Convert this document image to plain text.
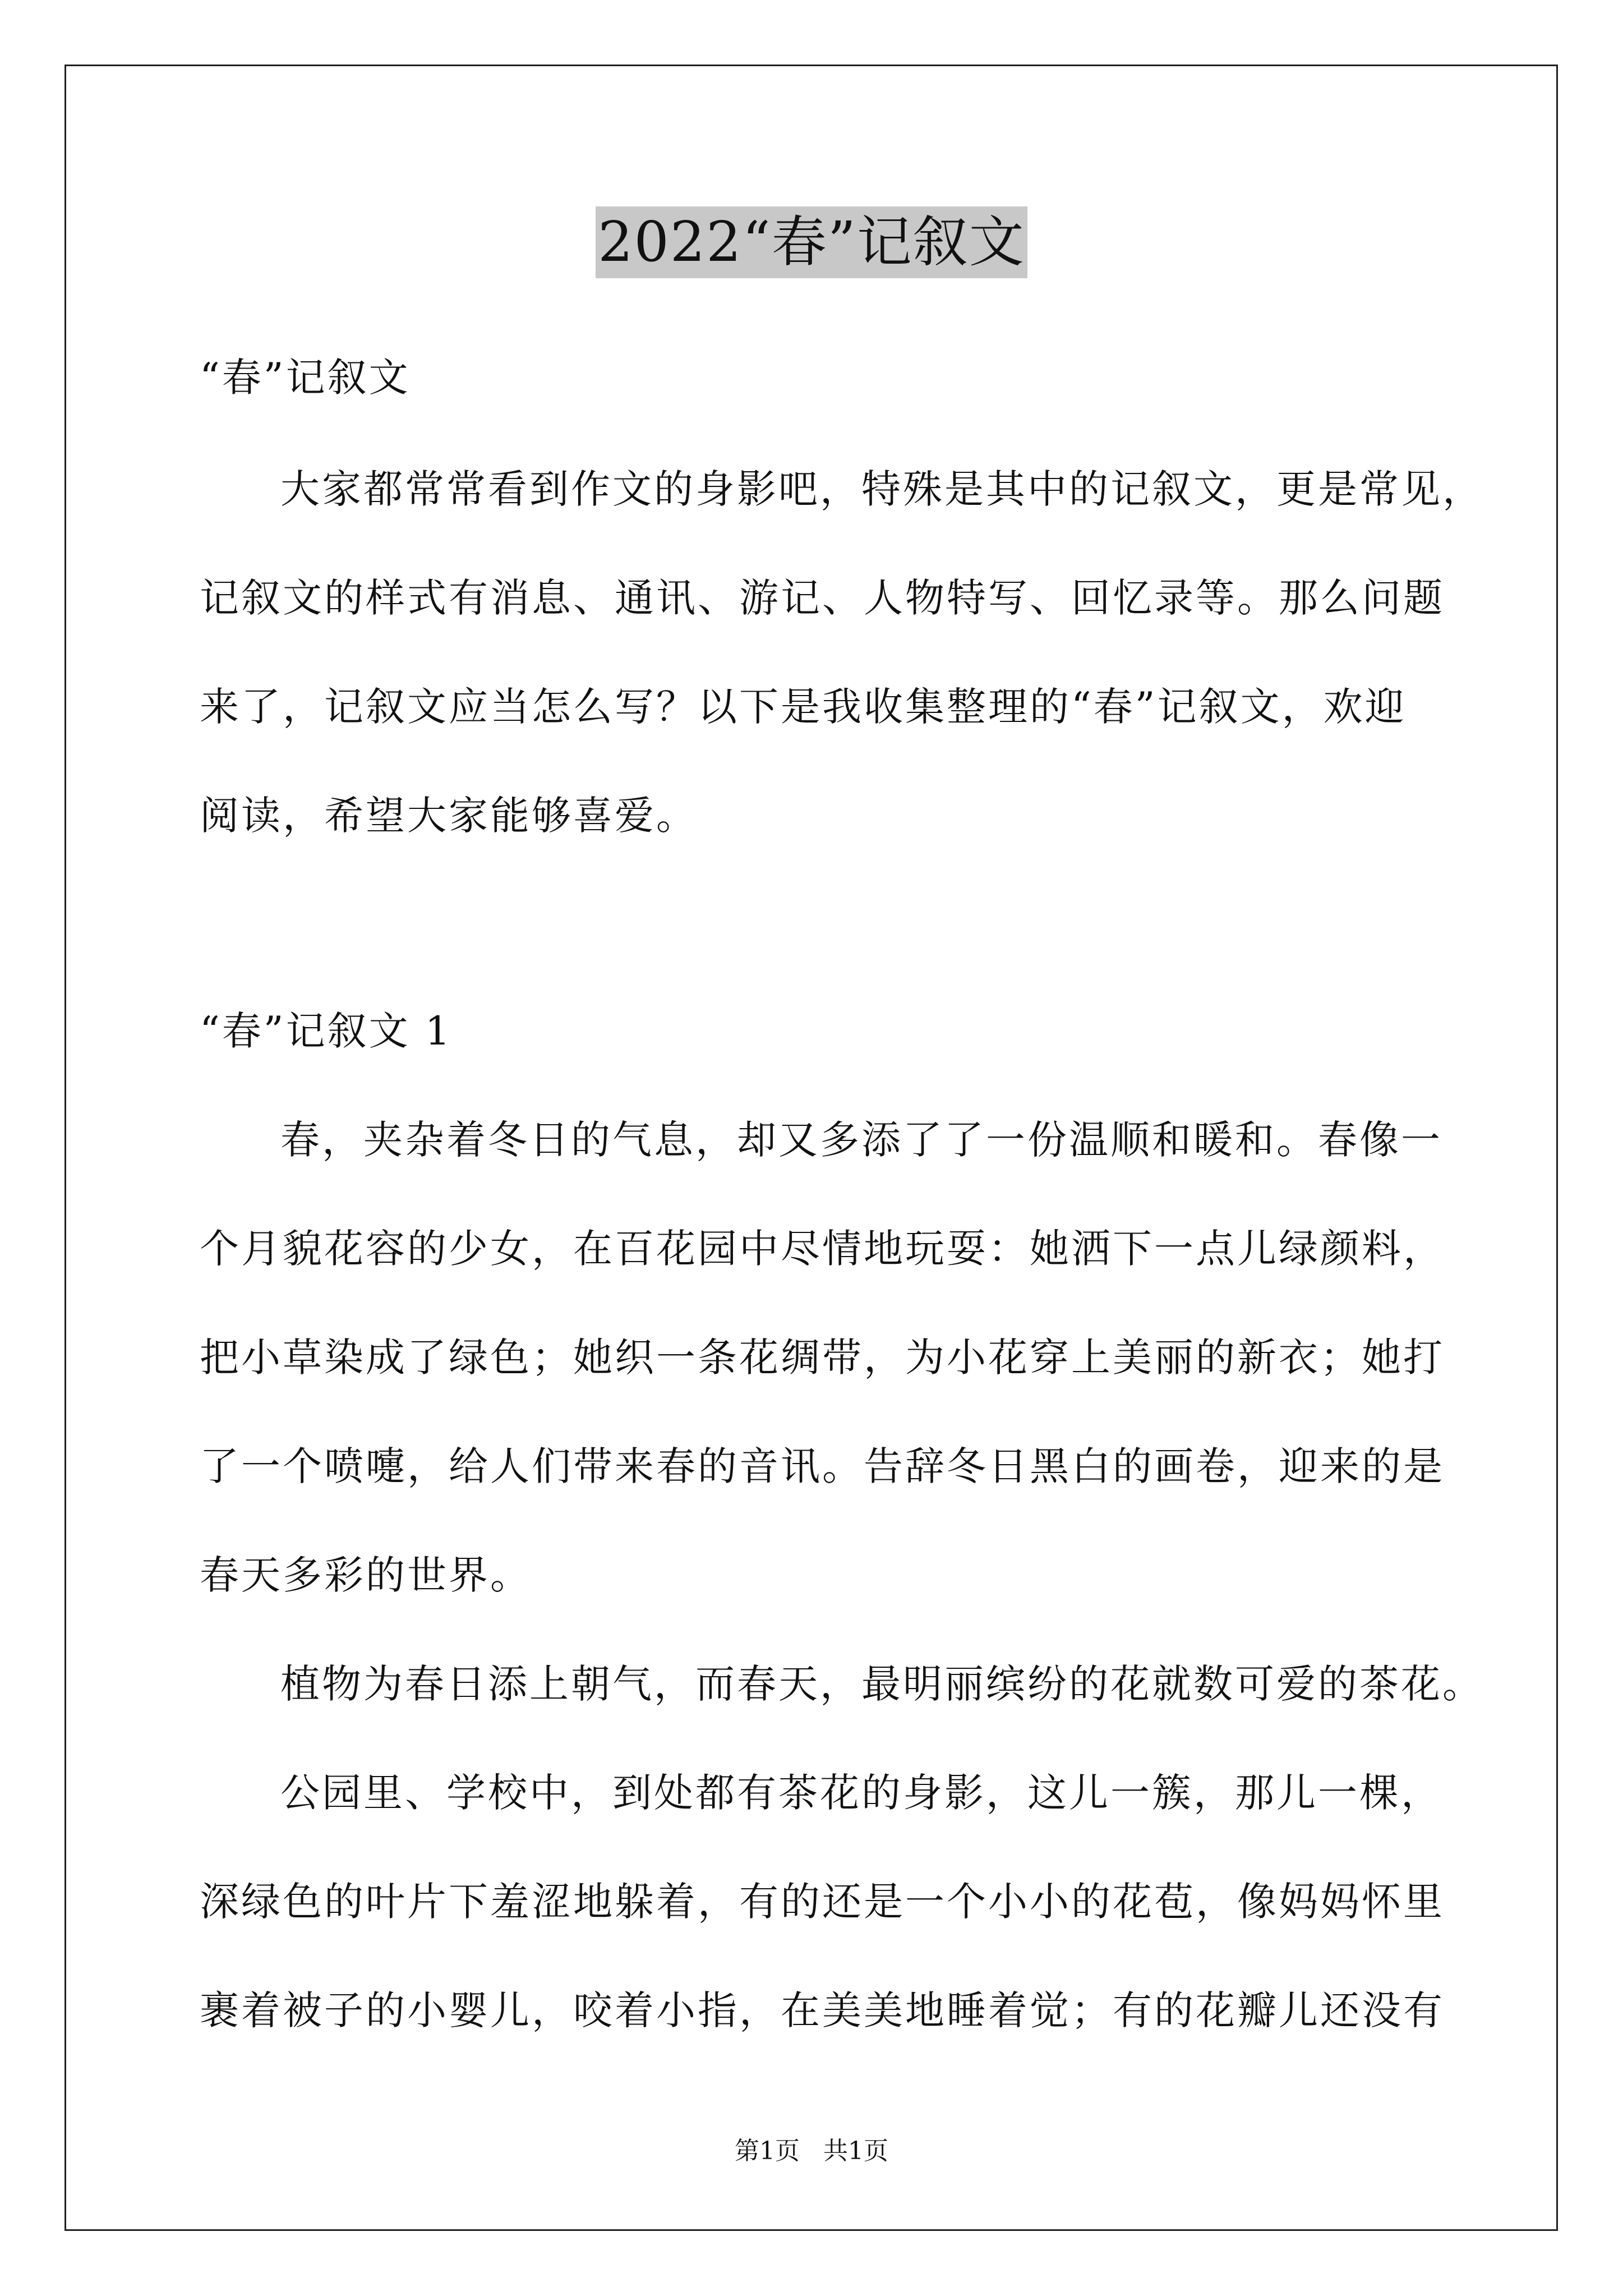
2022“春”记叙文
“春”记叙文
大家都常常看到作文的身影吧，特殊是其中的记叙文，更是常见，
记叙文的样式有消息、通讯、游记、人物特写、回忆录等。那么问题
来了，记叙文应当怎么写？以下是我收集整理的“春”记叙文，欢迎
阅读，希望大家能够喜爱。
“春”记叙文 1
春，夹杂着冬日的气息，却又多添了了一份温顺和暖和。春像一
个月貌花容的少女，在百花园中尽情地玩耍：她洒下一点儿绿颜料，
把小草染成了绿色；她织一条花绸带，为小花穿上美丽的新衣；她打
了一个喷嚏，给人们带来春的音讯。告辞冬日黑白的画卷，迎来的是
春天多彩的世界。
植物为春日添上朝气，而春天，最明丽缤纷的花就数可爱的茶花。
公园里、学校中，到处都有茶花的身影，这儿一簇，那儿一棵，
深绿色的叶片下羞涩地躲着，有的还是一个小小的花苞，像妈妈怀里
裹着被子的小婴儿，咬着小指，在美美地睡着觉；有的花瓣儿还没有
第1页   共1页
